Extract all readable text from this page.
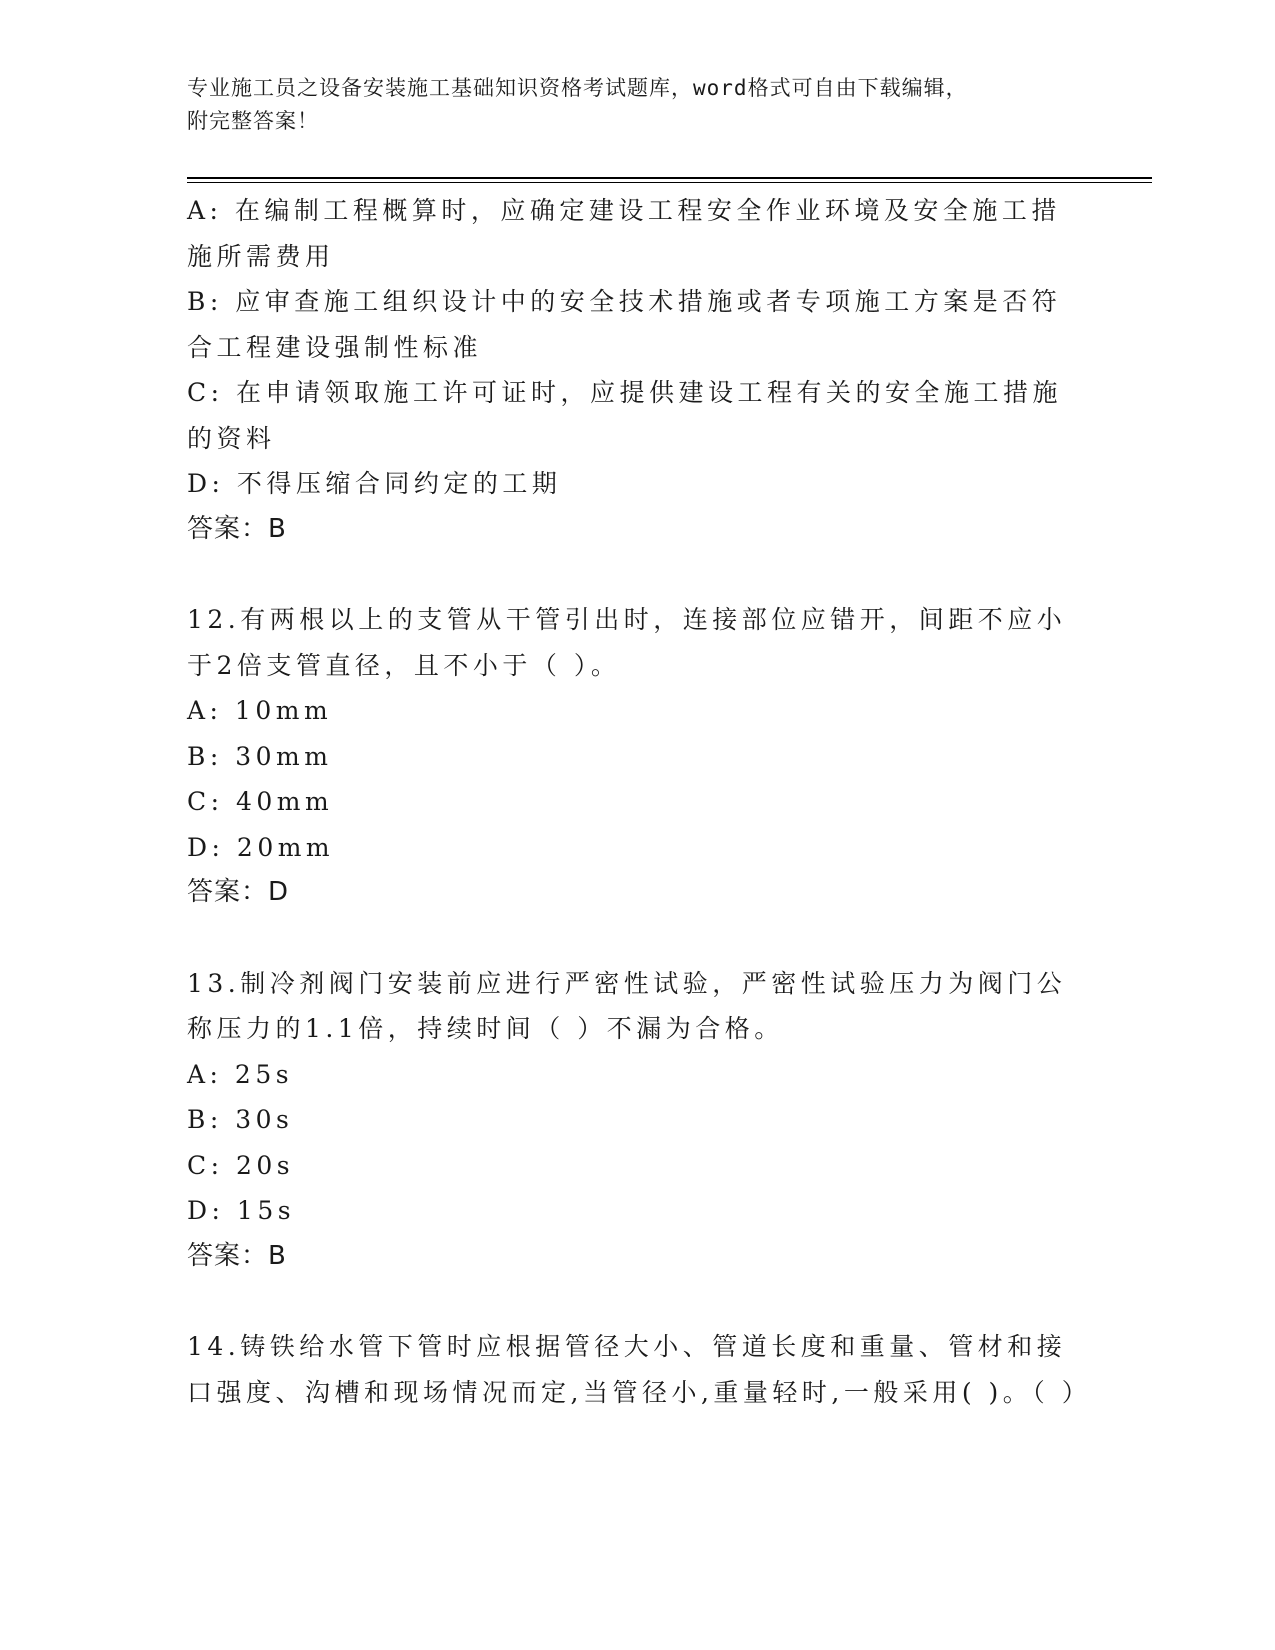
专业施工员之设备安装施工基础知识资格考试题库，word格式可自由下载编辑，
附完整答案！
A: 在编制工程概算时，应确定建设工程安全作业环境及安全施工措施所需费用
B: 应审查施工组织设计中的安全技术措施或者专项施工方案是否符合工程建设强制性标准
C: 在申请领取施工许可证时，应提供建设工程有关的安全施工措施的资料
D: 不得压缩合同约定的工期
答案：B
12.有两根以上的支管从干管引出时，连接部位应错开，间距不应小于2倍支管直径，且不小于（ ）。
A: 10mm
B: 30mm
C: 40mm
D: 20mm
答案：D
13.制冷剂阀门安装前应进行严密性试验，严密性试验压力为阀门公称压力的1.1倍，持续时间（ ）不漏为合格。
A: 25s
B: 30s
C: 20s
D: 15s
答案：B
14.铸铁给水管下管时应根据管径大小、管道长度和重量、管材和接口强度、沟槽和现场情况而定,当管径小,重量轻时,一般采用( )。（ ）
